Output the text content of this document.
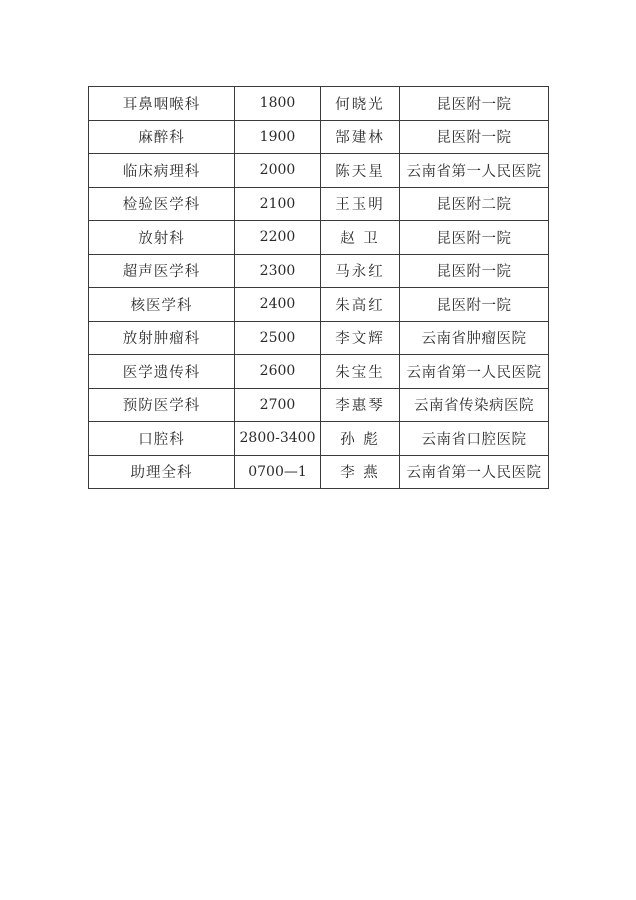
耳鼻咽喉科	1800	何晓光	昆医附一院
麻醉科	1900	郜建林	昆医附一院
临床病理科	2000	陈天星	云南省第一人民医院
检验医学科	2100	王玉明	昆医附二院
放射科	2200	赵 卫	昆医附一院
超声医学科	2300	马永红	昆医附一院
核医学科	2400	朱高红	昆医附一院
放射肿瘤科	2500	李文辉	云南省肿瘤医院
医学遗传科	2600	朱宝生	云南省第一人民医院
预防医学科	2700	李惠琴	云南省传染病医院
口腔科	2800-3400	孙 彪	云南省口腔医院
助理全科	0700—1	李 燕	云南省第一人民医院
